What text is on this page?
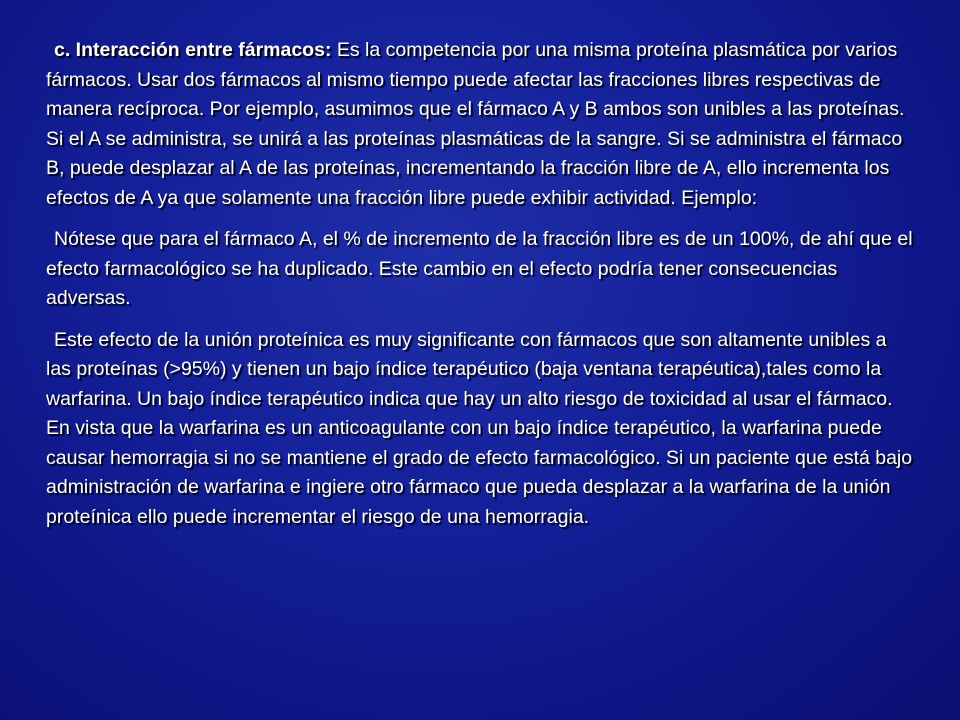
c. Interacción entre fármacos: Es la competencia por una misma proteína plasmática por varios fármacos. Usar dos fármacos al mismo tiempo puede afectar las fracciones libres respectivas de manera recíproca. Por ejemplo, asumimos que el fármaco A y B ambos son unibles a las proteínas. Si el A se administra, se unirá a las proteínas plasmáticas de la sangre. Si se administra el fármaco B, puede desplazar al A de las proteínas, incrementando la fracción libre de A, ello incrementa los efectos de A ya que solamente una fracción libre puede exhibir actividad. Ejemplo:

Nótese que para el fármaco A, el % de incremento de la fracción libre es de un 100%, de ahí que el efecto farmacológico se ha duplicado. Este cambio en el efecto podría tener consecuencias adversas.

Este efecto de la unión proteínica es muy significante con fármacos que son altamente unibles a las proteínas (>95%) y tienen un bajo índice terapéutico (baja ventana terapéutica),tales como la warfarina. Un bajo índice terapéutico indica que hay un alto riesgo de toxicidad al usar el fármaco. En vista que la warfarina es un anticoagulante con un bajo índice terapéutico, la warfarina puede causar hemorragia si no se mantiene el grado de efecto farmacológico. Si un paciente que está bajo administración de warfarina e ingiere otro fármaco que pueda desplazar a la warfarina de la unión proteínica ello puede incrementar el riesgo de una hemorragia.
